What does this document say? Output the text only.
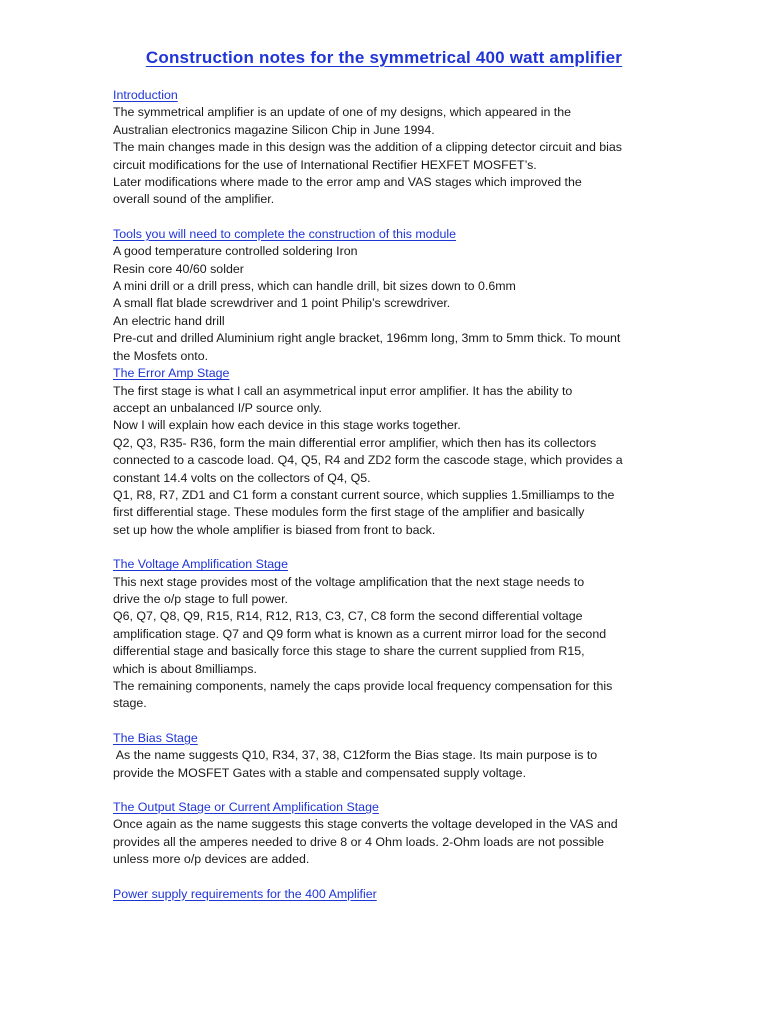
Construction notes for the symmetrical 400 watt amplifier
Introduction
The symmetrical amplifier is an update of one of my designs, which appeared in the
Australian electronics magazine Silicon Chip in June 1994.
The main changes made in this design was the addition of a clipping detector circuit and bias
circuit modifications for the use of International Rectifier HEXFET MOSFET’s.
Later modifications where made to the error amp and VAS stages which improved the
overall sound of the amplifier.
Tools you will need to complete the construction of this module
A good temperature controlled soldering Iron
Resin core 40/60 solder
A mini drill or a drill press, which can handle drill, bit sizes down to 0.6mm
A small flat blade screwdriver and 1 point Philip’s screwdriver.
An electric hand drill
Pre-cut and drilled Aluminium right angle bracket, 196mm long, 3mm to 5mm thick. To mount
the Mosfets onto.
The Error Amp Stage
The first stage is what I call an asymmetrical input error amplifier. It has the ability to
accept an unbalanced I/P source only.
Now I will explain how each device in this stage works together.
Q2, Q3, R35- R36, form the main differential error amplifier, which then has its collectors
connected to a cascode load. Q4, Q5, R4 and ZD2 form the cascode stage, which provides a
constant 14.4 volts on the collectors of Q4, Q5.
Q1, R8, R7, ZD1 and C1 form a constant current source, which supplies 1.5milliamps to the
first differential stage. These modules form the first stage of the amplifier and basically
set up how the whole amplifier is biased from front to back.
The Voltage Amplification Stage
This next stage provides most of the voltage amplification that the next stage needs to
drive the o/p stage to full power.
Q6, Q7, Q8, Q9, R15, R14, R12, R13, C3, C7, C8 form the second differential voltage
amplification stage. Q7 and Q9 form what is known as a current mirror load for the second
differential stage and basically force this stage to share the current supplied from R15,
which is about 8milliamps.
The remaining components, namely the caps provide local frequency compensation for this
stage.
The Bias Stage
As the name suggests Q10, R34, 37, 38, C12form the Bias stage. Its main purpose is to
provide the MOSFET Gates with a stable and compensated supply voltage.
The Output Stage or Current Amplification Stage
Once again as the name suggests this stage converts the voltage developed in the VAS and
provides all the amperes needed to drive 8 or 4 Ohm loads. 2-Ohm loads are not possible
unless more o/p devices are added.
Power supply requirements for the 400 Amplifier
